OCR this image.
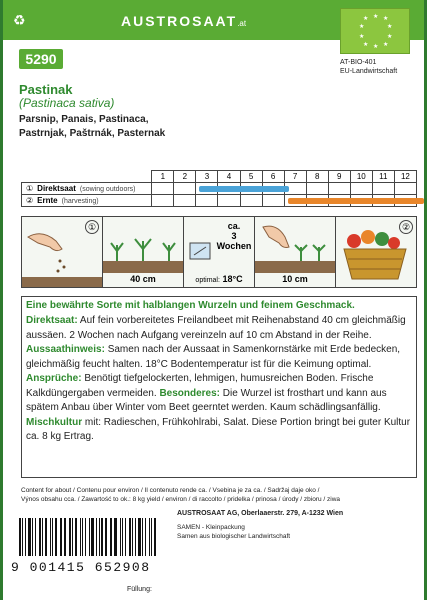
♻	AUSTROSAAT.at	★ ★ ★
★	★
★	★
★ ★ ★
AT-BIO-401
EU-Landwirtschaft
5290
Pastinak
(Pastinaca sativa)
Parsnip, Panais, Pastinaca,
Pastrnjak, Paštrnák, Pasternak
	1	2	3	4	5	6	7	8	9	10	11	12
① Direktsaat (sowing outdoors)			

② Ernte (harvesting)							

①
40 cm
ca.
3 Wochen
optimal: 18°C	10 cm
②
Eine bewährte Sorte mit halblangen Wurzeln und feinem Geschmack.
Direktsaat: Auf fein vorbereitetes Freilandbeet mit Reihenabstand 40 cm gleichmäßig aussäen. 2 Wochen nach Aufgang vereinzeln auf 10 cm Abstand in der Reihe. Aussaathinweis: Samen nach der Aussaat in Samenkornstärke mit Erde bedecken, gleichmäßig feucht halten. 18°C Bodentemperatur ist für die Keimung optimal. Ansprüche: Benötigt tiefgelockerten, lehmigen, humusreichen Boden. Frische Kalkdüngergaben vermeiden. Besonderes: Die Wurzel ist frosthart und kann aus spätem Anbau über Winter vom Beet geerntet werden. Kaum schädlingsanfällig. Mischkultur mit: Radieschen, Frühkohlrabi, Salat. Diese Portion bringt bei guter Kultur ca. 8 kg Ertrag.
Content for about / Contenu pour environ / Il contenuto rende ca. / Vsebina je za ca. / Sadržaj daje oko /
Výnos obsahu cca. / Zawartość to ok.: 8 kg yield / environ / di raccolto / pridelka / prinosa / úrody / zbioru / ziwa
9 001415 652908
AUSTROSAAT AG, Oberlaaerstr. 279, A-1232 Wien
SAMEN - Kleinpackung
Samen aus biologischer Landwirtschaft
Füllung:
